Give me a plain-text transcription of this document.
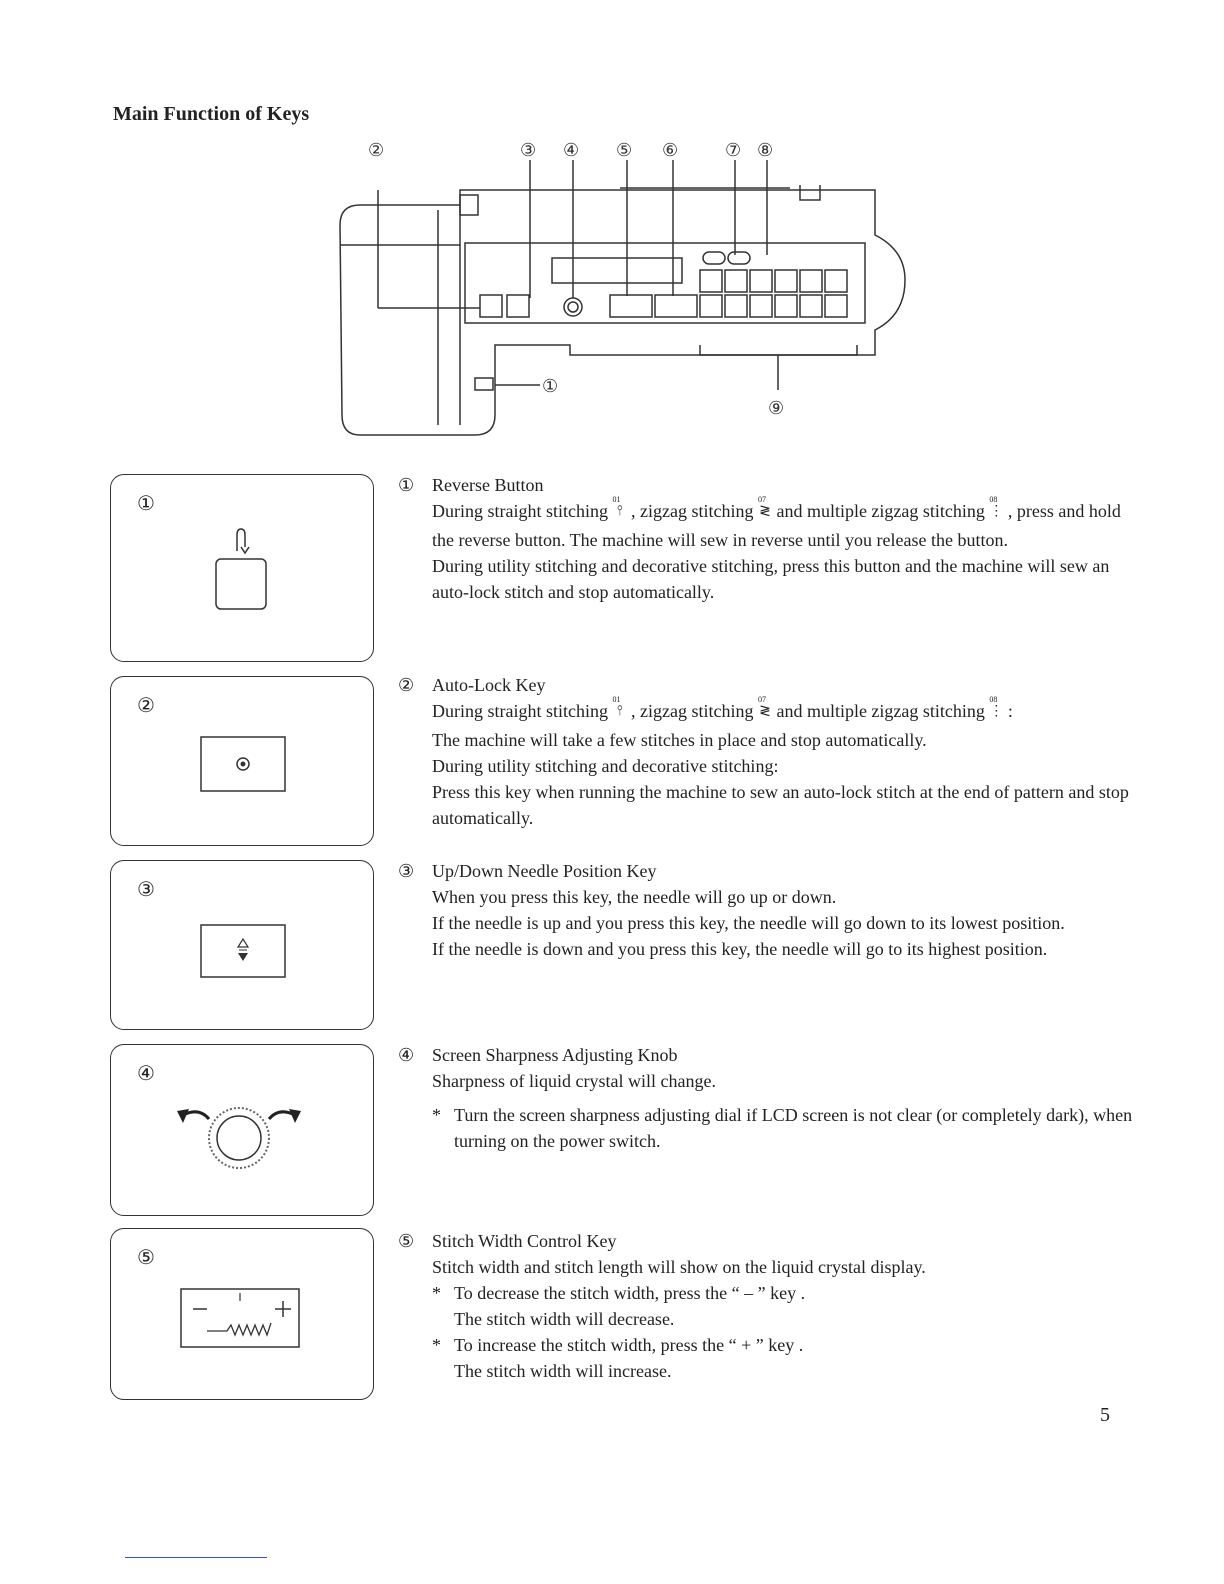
Main Function of Keys
②	③ ④ ⑤ ⑥	⑦ ⑧
①
⑨
①
②
③
④
⑤
① Reverse Button

During straight stitching
01
⫯ , zigzag stitching
07
≷ and multiple zigzag stitching
08
⋮ , press and hold the reverse button. The machine will sew in reverse until you release the button.

During utility stitching and decorative stitching, press this button and the machine will sew an auto-lock stitch and stop automatically.

② Auto-Lock Key

During straight stitching
01
⫯ , zigzag stitching
07
≷ and multiple zigzag stitching
08
⋮ :

The machine will take a few stitches in place and stop automatically.

During utility stitching and decorative stitching:

Press this key when running the machine to sew an auto-lock stitch at the end of pattern and stop automatically.

③ Up/Down Needle Position Key

When you press this key, the needle will go up or down.

If the needle is up and you press this key, the needle will go down to its lowest position.

If the needle is down and you press this key, the needle will go to its highest position.

④ Screen Sharpness Adjusting Knob

Sharpness of liquid crystal will change.

* Turn the screen sharpness adjusting dial if LCD screen is not clear (or completely dark), when turning on the power switch.
⑤ Stitch Width Control Key

Stitch width and stitch length will show on the liquid crystal display.

* To decrease the stitch width, press the “ – ” key .
The stitch width will decrease.
* To increase the stitch width, press the “ + ” key .
The stitch width will increase.
5
